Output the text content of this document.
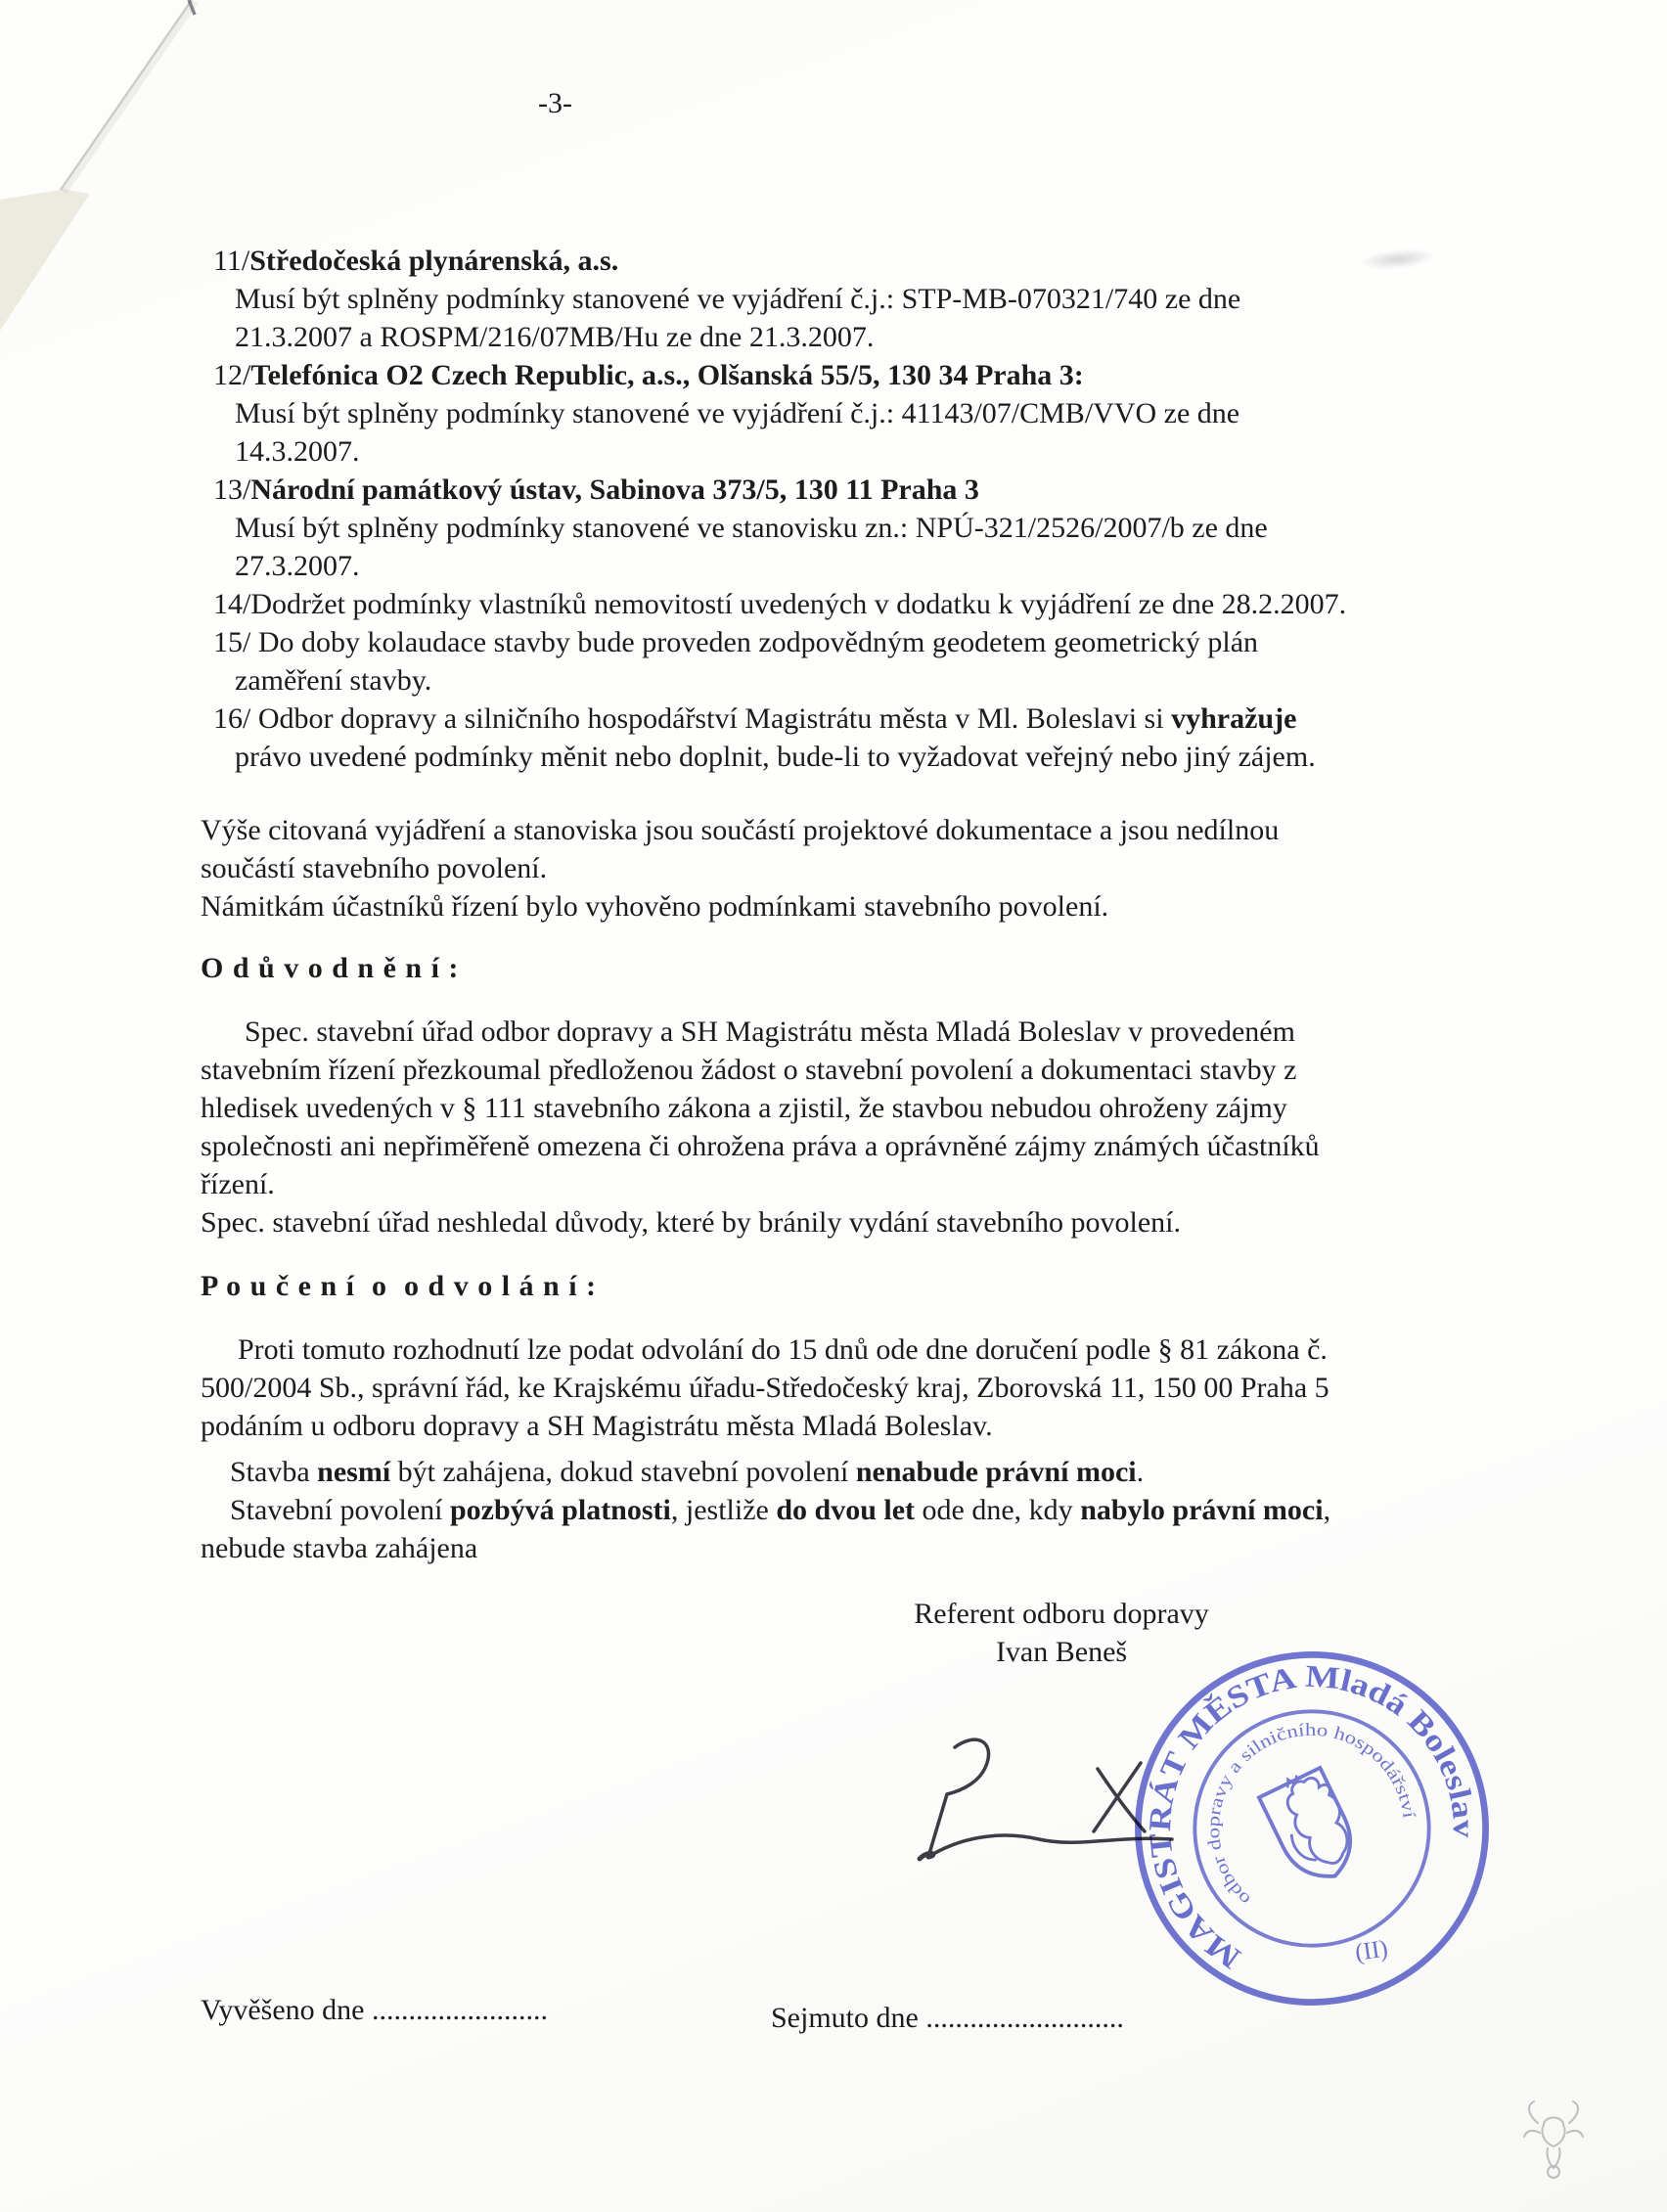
-3-
11/Středočeská plynárenská, a.s.
Musí být splněny podmínky stanovené ve vyjádření č.j.: STP-MB-070321/740 ze dne 21.3.2007 a ROSPM/216/07MB/Hu ze dne 21.3.2007.
12/Telefónica O2 Czech Republic, a.s., Olšanská 55/5, 130 34 Praha 3:
Musí být splněny podmínky stanovené ve vyjádření č.j.: 41143/07/CMB/VVO ze dne 14.3.2007.
13/Národní památkový ústav, Sabinova 373/5, 130 11 Praha 3
Musí být splněny podmínky stanovené ve stanovisku zn.: NPÚ-321/2526/2007/b ze dne 27.3.2007.
14/Dodržet podmínky vlastníků nemovitostí uvedených v dodatku k vyjádření ze dne 28.2.2007.
15/ Do doby kolaudace stavby bude proveden zodpovědným geodetem geometrický plán zaměření stavby.
16/ Odbor dopravy a silničního hospodářství Magistrátu města v Ml. Boleslavi si vyhražuje právo uvedené podmínky měnit nebo doplnit, bude-li to vyžadovat veřejný nebo jiný zájem.
Výše citovaná vyjádření a stanoviska jsou součástí projektové dokumentace a jsou nedílnou součástí stavebního povolení.
Námitkám účastníků řízení bylo vyhověno podmínkami stavebního povolení.
O d ů v o d n ě n í :
Spec. stavební úřad odbor dopravy a SH Magistrátu města Mladá Boleslav v provedeném stavebním řízení přezkoumal předloženou žádost o stavební povolení a dokumentaci stavby z hledisek uvedených v § 111 stavebního zákona a zjistil, že stavbou nebudou ohroženy zájmy společnosti ani nepřiměřeně omezena či ohrožena práva a oprávněné zájmy známých účastníků řízení.
Spec. stavební úřad neshledal důvody, které by bránily vydání stavebního povolení.
P o u č e n í  o  o d v o l á n í :
Proti tomuto rozhodnutí lze podat odvolání do 15 dnů ode dne doručení podle § 81 zákona č. 500/2004 Sb., správní řád, ke Krajskému úřadu-Středočeský kraj, Zborovská 11, 150 00 Praha 5 podáním u odboru dopravy a SH Magistrátu města Mladá Boleslav.
Stavba nesmí být zahájena, dokud stavební povolení nenabude právní moci.
Stavební povolení pozbývá platnosti, jestliže do dvou let ode dne, kdy nabylo právní moci, nebude stavba zahájena
Referent odboru dopravy
Ivan Beneš
MAGISTRÁT MĚSTA Mladá Boleslav
odbor dopravy a silničního hospodářství
(II)
Vyvěšeno dne ........................	Sejmuto dne ...........................
